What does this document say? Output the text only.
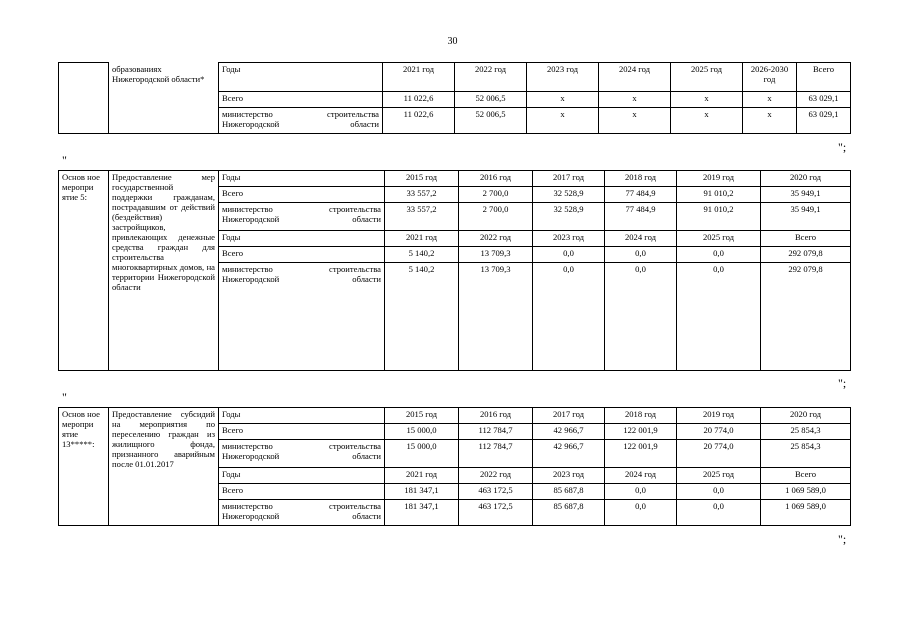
30
	образованиях Нижегородской области*	Годы	2021 год	2022 год	2023 год	2024 год	2025 год	2026-2030 год	Всего
		Всего	11 022,6	52 006,5	x	x	x	x	63 029,1
		министерство строительства Нижегородской области	11 022,6	52 006,5	x	x	x	x	63 029,1
";
"
Основ ное меропри ятие 5:	Предоставление мер государственной поддержки гражданам, пострадавшим от действий (бездействия) застройщиков, привлекающих денежные средства граждан для строительства многоквартирных домов, на территории Нижегородской области	Годы	2015 год	2016 год	2017 год	2018 год	2019 год	2020 год
		Всего	33 557,2	2 700,0	32 528,9	77 484,9	91 010,2	35 949,1
		министерство строительства Нижегородской области	33 557,2	2 700,0	32 528,9	77 484,9	91 010,2	35 949,1
		Годы	2021 год	2022 год	2023 год	2024 год	2025 год	Всего
		Всего	5 140,2	13 709,3	0,0	0,0	0,0	292 079,8
		министерство строительства Нижегородской области	5 140,2	13 709,3	0,0	0,0	0,0	292 079,8
";
"
Основ ное меропри ятие 13*****:	Предоставление субсидий на мероприятия по переселению граждан из жилищного фонда, признанного аварийным после 01.01.2017	Годы	2015 год	2016 год	2017 год	2018 год	2019 год	2020 год
		Всего	15 000,0	112 784,7	42 966,7	122 001,9	20 774,0	25 854,3
		министерство строительства Нижегородской области	15 000,0	112 784,7	42 966,7	122 001,9	20 774,0	25 854,3
		Годы	2021 год	2022 год	2023 год	2024 год	2025 год	Всего
		Всего	181 347,1	463 172,5	85 687,8	0,0	0,0	1 069 589,0
		министерство строительства Нижегородской области	181 347,1	463 172,5	85 687,8	0,0	0,0	1 069 589,0
";
